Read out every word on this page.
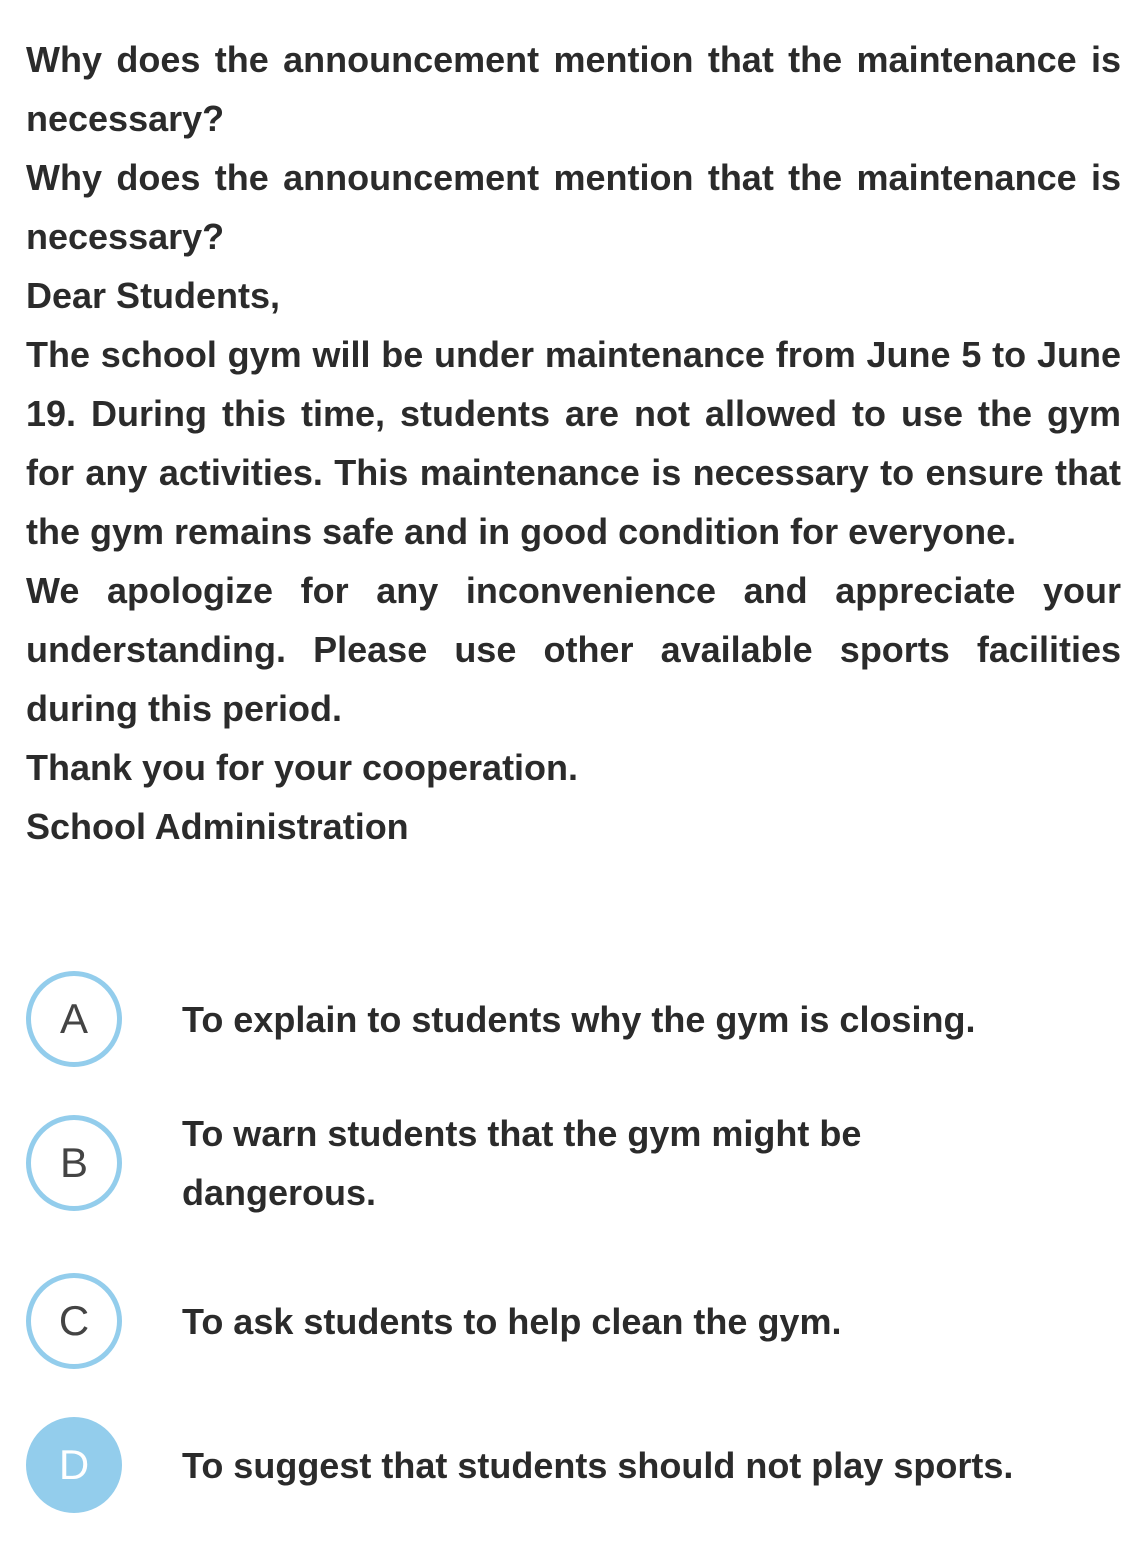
Why does the announcement mention that the maintenance is necessary?

Why does the announcement mention that the maintenance is necessary?

Dear Students,

The school gym will be under maintenance from June 5 to June 19. During this time, students are not allowed to use the gym for any activities. This maintenance is necessary to ensure that the gym remains safe and in good condition for everyone.

We apologize for any inconvenience and appreciate your understanding. Please use other available sports facilities during this period.

Thank you for your cooperation.

School Administration

A	To explain to students why the gym is closing.
B
To warn students that the gym might be dangerous.
C	To ask students to help clean the gym.
D	To suggest that students should not play sports.
